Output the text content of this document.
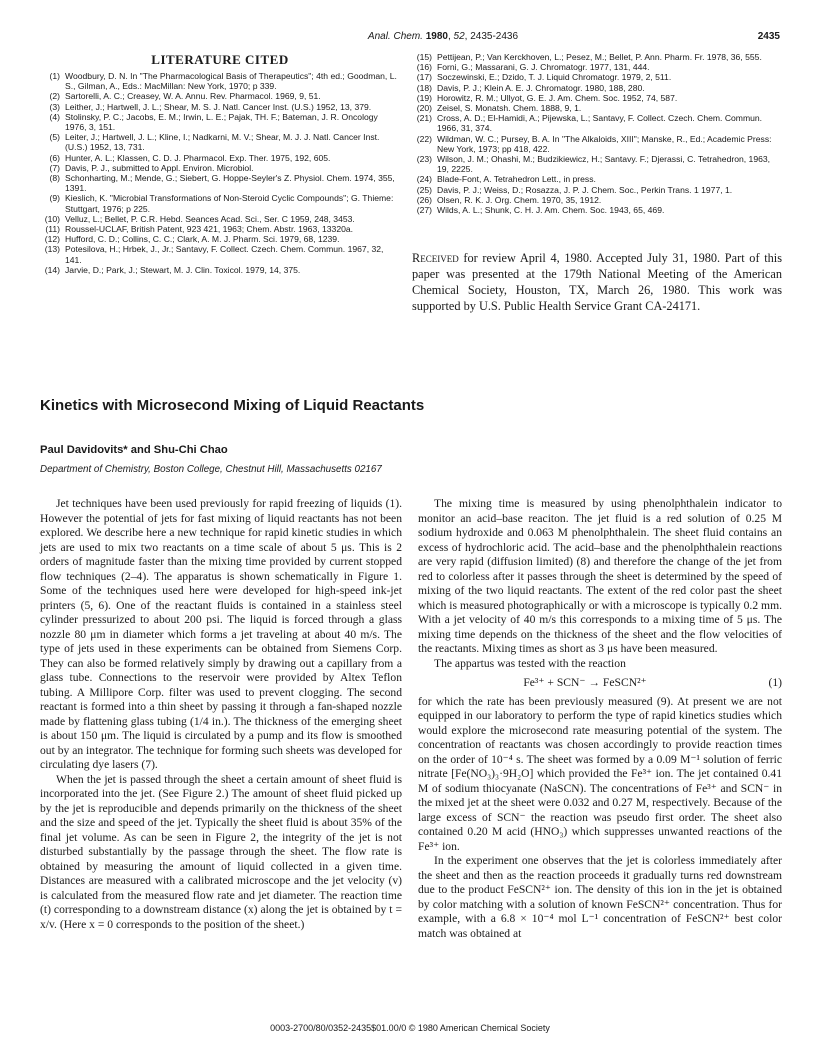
Anal. Chem. 1980, 52, 2435-2436	2435
LITERATURE CITED
(1) Woodbury, D. N. In "The Pharmacological Basis of Therapeutics"; 4th ed.; Goodman, L. S., Gilman, A., Eds.: MacMillan: New York, 1970; p 339.
(2) Sartorelli, A. C.; Creasey, W. A. Annu. Rev. Pharmacol. 1969, 9, 51.
(3) Leither, J.; Hartwell, J. L.; Shear, M. S. J. Natl. Cancer Inst. (U.S.) 1952, 13, 379.
(4) Stolinsky, P. C.; Jacobs, E. M.; Irwin, L. E.; Pajak, TH. F.; Bateman, J. R. Oncology 1976, 3, 151.
(5) Leiter, J.; Hartwell, J. L.; Kline, I.; Nadkarni, M. V.; Shear, M. J. J. Natl. Cancer Inst. (U.S.) 1952, 13, 731.
(6) Hunter, A. L.; Klassen, C. D. J. Pharmacol. Exp. Ther. 1975, 192, 605.
(7) Davis, P. J., submitted to Appl. Environ. Microbiol.
(8) Schonharting, M.; Mende, G.; Siebert, G. Hoppe-Seyler's Z. Physiol. Chem. 1974, 355, 1391.
(9) Kieslich, K. "Microbial Transformations of Non-Steroid Cyclic Compounds"; G. Thieme: Stuttgart, 1976; p 225.
(10) Velluz, L.; Bellet, P. C.R. Hebd. Seances Acad. Sci., Ser. C 1959, 248, 3453.
(11) Roussel-UCLAF, British Patent, 923 421, 1963; Chem. Abstr. 1963, 13320a.
(12) Hufford, C. D.; Collins, C. C.; Clark, A. M. J. Pharm. Sci. 1979, 68, 1239.
(13) Potesilova, H.; Hrbek, J., Jr.; Santavy, F. Collect. Czech. Chem. Commun. 1967, 32, 141.
(14) Jarvie, D.; Park, J.; Stewart, M. J. Clin. Toxicol. 1979, 14, 375.
(15) Pettijean, P.; Van Kerckhoven, L.; Pesez, M.; Bellet, P. Ann. Pharm. Fr. 1978, 36, 555.
(16) Forni, G.; Massarani, G. J. Chromatogr. 1977, 131, 444.
(17) Soczewinski, E.; Dzido, T. J. Liquid Chromatogr. 1979, 2, 511.
(18) Davis, P. J.; Klein A. E. J. Chromatogr. 1980, 188, 280.
(19) Horowitz, R. M.; Ullyot, G. E. J. Am. Chem. Soc. 1952, 74, 587.
(20) Zeisel, S. Monatsh. Chem. 1888, 9, 1.
(21) Cross, A. D.; El-Hamidi, A.; Pijewska, L.; Santavy, F. Collect. Czech. Chem. Commun. 1966, 31, 374.
(22) Wildman, W. C.; Pursey, B. A. In "The Alkaloids, XIII"; Manske, R., Ed.; Academic Press: New York, 1973; pp 418, 422.
(23) Wilson, J. M.; Ohashi, M.; Budzikiewicz, H.; Santavy. F.; Djerassi, C. Tetrahedron, 1963, 19, 2225.
(24) Blade-Font, A. Tetrahedron Lett., in press.
(25) Davis, P. J.; Weiss, D.; Rosazza, J. P. J. Chem. Soc., Perkin Trans. 1 1977, 1.
(26) Olsen, R. K. J. Org. Chem. 1970, 35, 1912.
(27) Wilds, A. L.; Shunk, C. H. J. Am. Chem. Soc. 1943, 65, 469.
Received for review April 4, 1980. Accepted July 31, 1980. Part of this paper was presented at the 179th National Meeting of the American Chemical Society, Houston, TX, March 26, 1980. This work was supported by U.S. Public Health Service Grant CA-24171.
Kinetics with Microsecond Mixing of Liquid Reactants
Paul Davidovits* and Shu-Chi Chao
Department of Chemistry, Boston College, Chestnut Hill, Massachusetts 02167

Jet techniques have been used previously for rapid freezing of liquids (1). However the potential of jets for fast mixing of liquid reactants has not been explored. We describe here a new technique for rapid kinetic studies in which jets are used to mix two reactants on a time scale of about 5 μs. This is 2 orders of magnitude faster than the mixing time provided by current stopped flow techniques (2–4). The apparatus is shown schematically in Figure 1. Some of the techniques used here were developed for high-speed ink-jet printers (5, 6). One of the reactant fluids is contained in a stainless steel cylinder pressurized to about 200 psi. The liquid is forced through a glass nozzle 80 μm in diameter which forms a jet traveling at about 40 m/s. The type of jets used in these experiments can be obtained from Siemens Corp. They can also be formed relatively simply by drawing out a capillary from a glass tube. Connections to the reservoir were provided by Altex Teflon tubing. A Millipore Corp. filter was used to prevent clogging. The second reactant is formed into a thin sheet by passing it through a fan-shaped nozzle made by flattening glass tubing (1/4 in.). The thickness of the emerging sheet is about 150 μm. The liquid is circulated by a pump and its flow is smoothed out by an integrator. The technique for forming such sheets was developed for circulating dye lasers (7).

When the jet is passed through the sheet a certain amount of sheet fluid is incorporated into the jet. (See Figure 2.) The amount of sheet fluid picked up by the jet is reproducible and depends primarily on the thickness of the sheet and the size and speed of the jet. Typically the sheet fluid is about 35% of the final jet volume. As can be seen in Figure 2, the integrity of the jet is not disturbed substantially by the passage through the sheet. The flow rate is obtained by measuring the amount of liquid collected in a given time. Distances are measured with a calibrated microscope and the jet velocity (v) is calculated from the measured flow rate and jet diameter. The reaction time (t) corresponding to a downstream distance (x) along the jet is obtained by t = x/v. (Here x = 0 corresponds to the position of the sheet.)

The mixing time is measured by using phenolphthalein indicator to monitor an acid–base reaciton. The jet fluid is a red solution of 0.25 M sodium hydroxide and 0.063 M phenolphthalein. The sheet fluid contains an excess of hydrochloric acid. The acid–base and the phenolphthalein reactions are very rapid (diffusion limited) (8) and therefore the change of the jet from red to colorless after it passes through the sheet is determined by the speed of mixing of the two liquid reactants. The extent of the red color past the sheet which is measured photographically or with a microscope is typically 0.2 mm. With a jet velocity of 40 m/s this corresponds to a mixing time of 5 μs. The mixing time depends on the thickness of the sheet and the flow velocities of the reactants. Mixing times as short as 3 μs have been measured.

The appartus was tested with the reaction

Fe³⁺ + SCN⁻ → FeSCN²⁺	(1)

for which the rate has been previously measured (9). At present we are not equipped in our laboratory to perform the type of rapid kinetics studies which would explore the microsecond rate measuring potential of the system. The concentration of reactants was chosen accordingly to provide reaction times on the order of 10⁻⁴ s. The sheet was formed by a 0.09 M⁻¹ solution of ferric nitrate [Fe(NO₃)₃·9H₂O] which provided the Fe³⁺ ion. The jet contained 0.41 M of sodium thiocyanate (NaSCN). The concentrations of Fe³⁺ and SCN⁻ in the mixed jet at the sheet were 0.032 and 0.27 M, respectively. Because of the large excess of SCN⁻ the reaction was pseudo first order. The sheet also contained 0.20 M acid (HNO₃) which suppresses unwanted reactions of the Fe³⁺ ion.

In the experiment one observes that the jet is colorless immediately after the sheet and then as the reaction proceeds it gradually turns red downstream due to the product FeSCN²⁺ ion. The density of this ion in the jet is obtained by color matching with a solution of known FeSCN²⁺ concentration. Thus for example, with a 6.8 × 10⁻⁴ mol L⁻¹ concentration of FeSCN²⁺ best color match was obtained at

0003-2700/80/0352-2435$01.00/0 © 1980 American Chemical Society
